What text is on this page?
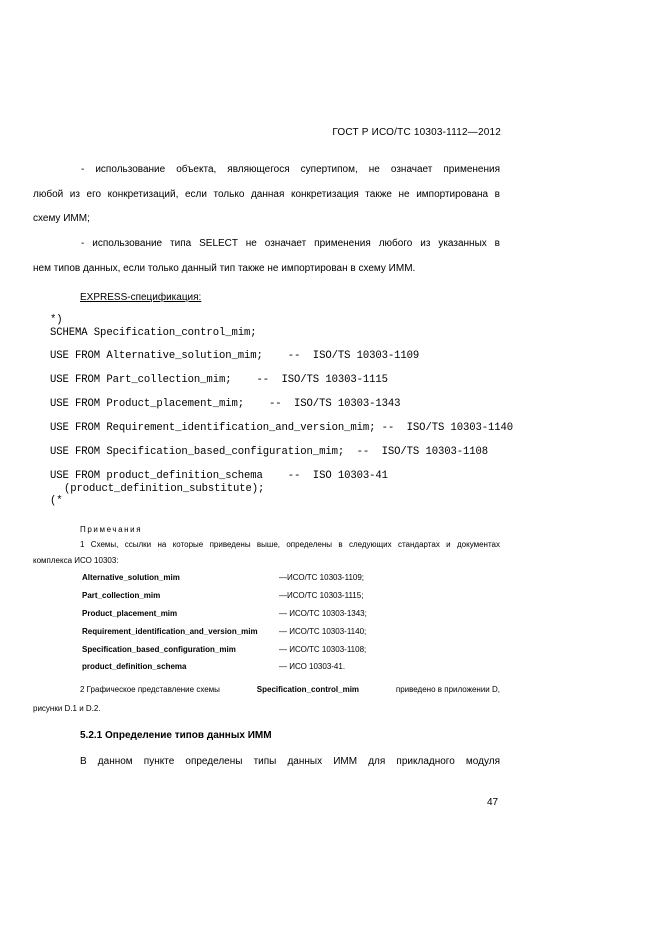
ГОСТ Р ИСО/ТС 10303-1112—2012
- использование объекта, являющегося супертипом, не означает применения
любой из его конкретизаций, если только данная конкретизация также не импортирована в
схему ИММ;
- использование типа SELECT не означает применения любого из указанных в
нем типов данных, если только данный тип также не импортирован в схему ИММ.
EXPRESS-спецификация:
*)
SCHEMA Specification_control_mim;
USE FROM Alternative_solution_mim;    --  ISO/TS 10303-1109
USE FROM Part_collection_mim;    --  ISO/TS 10303-1115
USE FROM Product_placement_mim;    --  ISO/TS 10303-1343
USE FROM Requirement_identification_and_version_mim; --  ISO/TS 10303-1140
USE FROM Specification_based_configuration_mim;  --  ISO/TS 10303-1108
USE FROM product_definition_schema    --  ISO 10303-41
(product_definition_substitute);
(*
Примечания
1 Схемы, ссылки на которые приведены выше, определены в следующих стандартах и документах
комплекса ИСО 10303:
Alternative_solution_mim	—ИСО/ТС 10303-1109;
Part_collection_mim	—ИСО/ТС 10303-1115;
Product_placement_mim	— ИСО/ТС 10303-1343;
Requirement_identification_and_version_mim	— ИСО/ТС 10303-1140;
Specification_based_configuration_mim	— ИСО/ТС 10303-1108;
product_definition_schema	— ИСО 10303-41.
2 Графическое представление схемы	Specification_control_mim	приведено в приложении D,
рисунки D.1 и D.2.
5.2.1 Определение типов данных ИММ
В данном пункте определены типы данных ИММ для прикладного модуля
47
